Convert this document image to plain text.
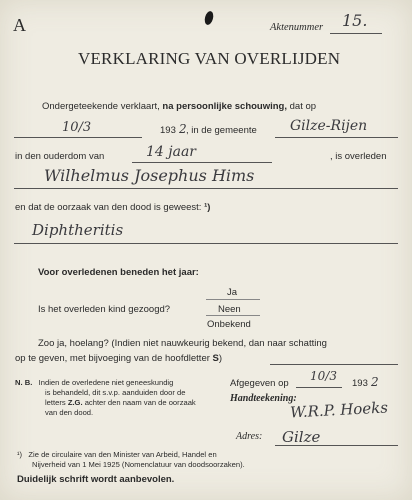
A	Aktenummer 15.
VERKLARING VAN OVERLIJDEN
Ondergeteekende verklaart, na persoonlijke schouwing, dat op
10/3	193 2 , in de gemeente Gilze-Rijen
in den ouderdom van	14 jaar	, is overleden
Wilhelmus Josephus Hims
en dat de oorzaak van den dood is geweest: ¹)
Diphtheritis
Voor overledenen beneden het jaar:
Is het overleden kind gezoogd?
Ja
Neen
Onbekend
Zoo ja, hoelang? (Indien niet nauwkeurig bekend, dan naar schatting
op te geven, met bijvoeging van de hoofdletter S)
N. B. Indien de overledene niet geneeskundig
is behandeld, dit s.v.p. aanduiden door de
letters Z.G. achter den naam van de oorzaak
van den dood.
Afgegeven op
10/3
193 2
Handteekening:
W.R.P. Hoeks
Adres: Gilze
¹) Zie de circulaire van den Minister van Arbeid, Handel en
Nijverheid van 1 Mei 1925 (Nomenclatuur van doodsoorzaken).
Duidelijk schrift wordt aanbevolen.
